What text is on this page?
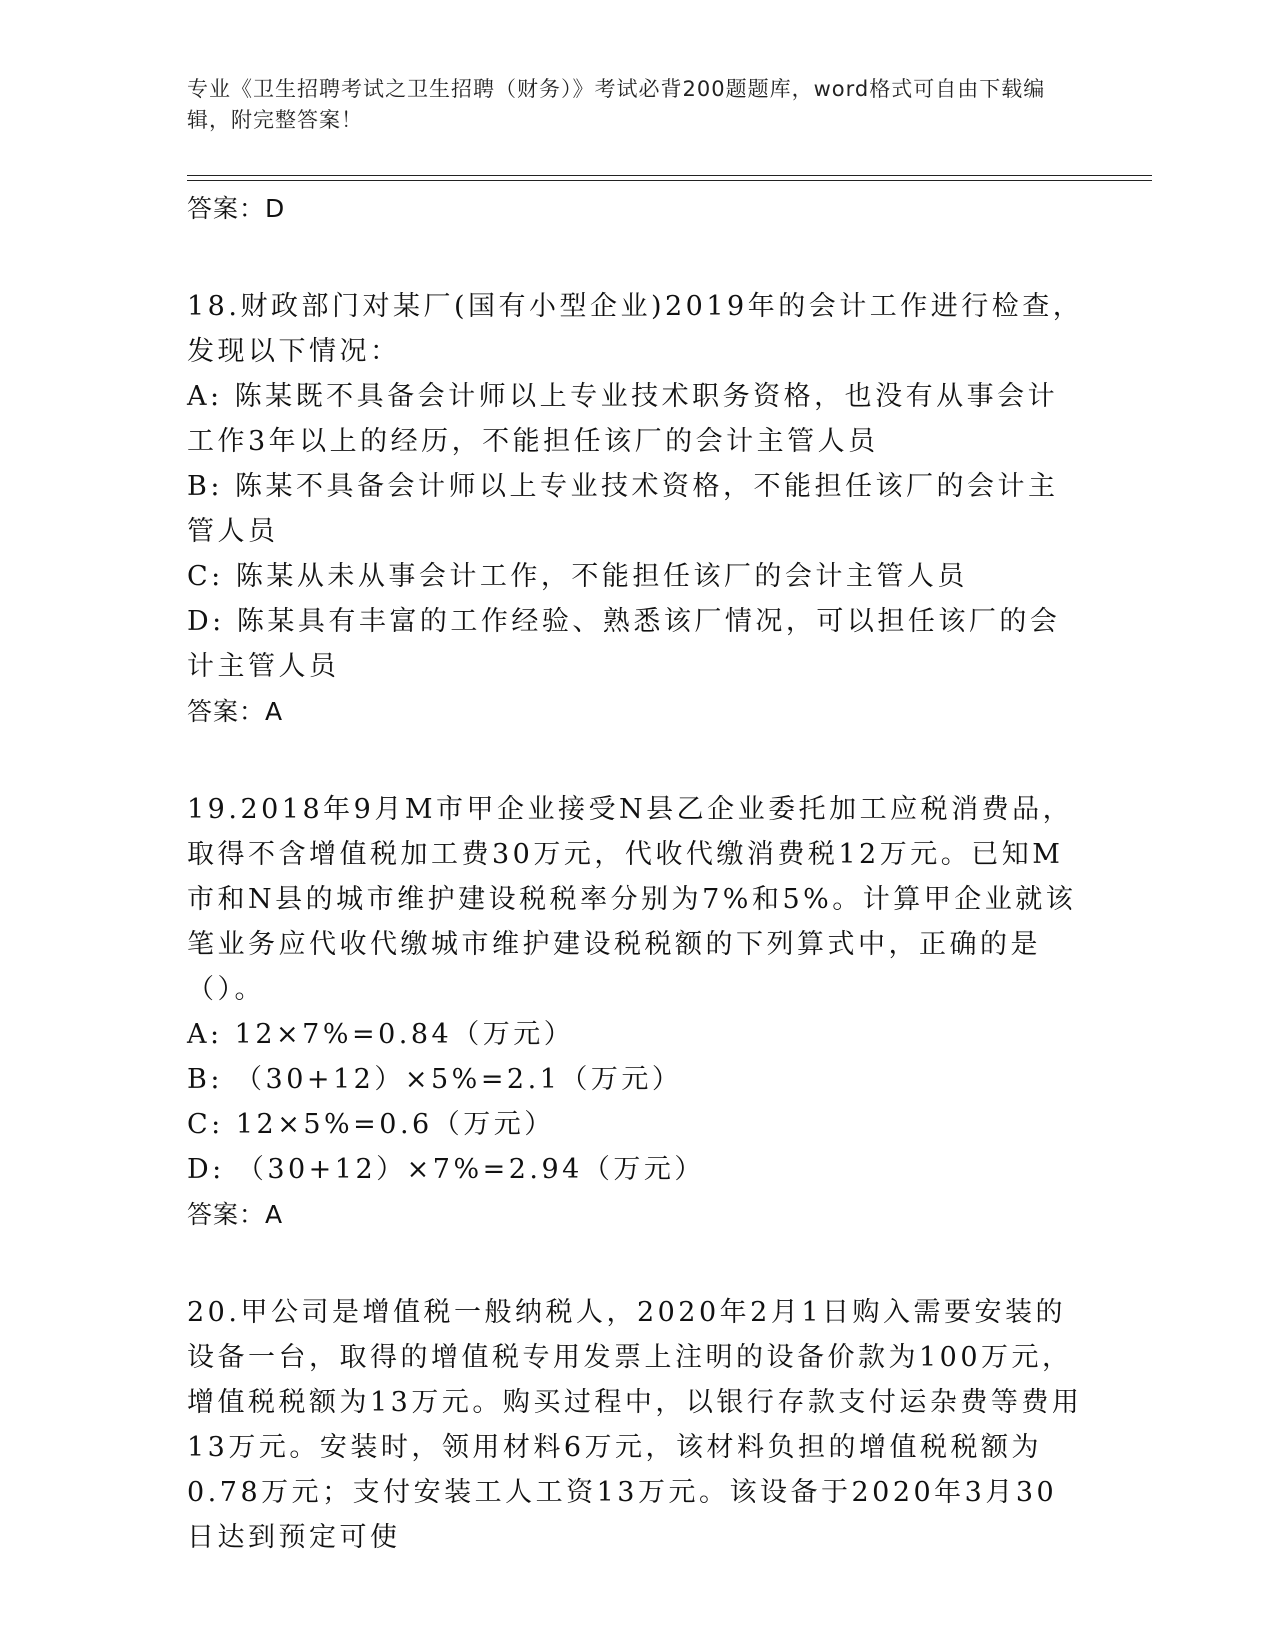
专业《卫生招聘考试之卫生招聘（财务）》考试必背200题题库，word格式可自由下载编辑，附完整答案！
答案：D

18.财政部门对某厂(国有小型企业)2019年的会计工作进行检查，发现以下情况：

A: 陈某既不具备会计师以上专业技术职务资格，也没有从事会计工作3年以上的经历，不能担任该厂的会计主管人员

B: 陈某不具备会计师以上专业技术资格，不能担任该厂的会计主管人员

C: 陈某从未从事会计工作，不能担任该厂的会计主管人员

D: 陈某具有丰富的工作经验、熟悉该厂情况，可以担任该厂的会计主管人员

答案：A

19.2018年9月M市甲企业接受N县乙企业委托加工应税消费品，取得不含增值税加工费30万元，代收代缴消费税12万元。已知M市和N县的城市维护建设税税率分别为7%和5%。计算甲企业就该笔业务应代收代缴城市维护建设税税额的下列算式中，正确的是（）。

A: 12×7%=0.84（万元）

B: （30+12）×5%=2.1（万元）

C: 12×5%=0.6（万元）

D: （30+12）×7%=2.94（万元）

答案：A

20.甲公司是增值税一般纳税人，2020年2月1日购入需要安装的设备一台，取得的增值税专用发票上注明的设备价款为100万元，增值税税额为13万元。购买过程中，以银行存款支付运杂费等费用13万元。安装时，领用材料6万元，该材料负担的增值税税额为0.78万元；支付安装工人工资13万元。该设备于2020年3月30日达到预定可使
